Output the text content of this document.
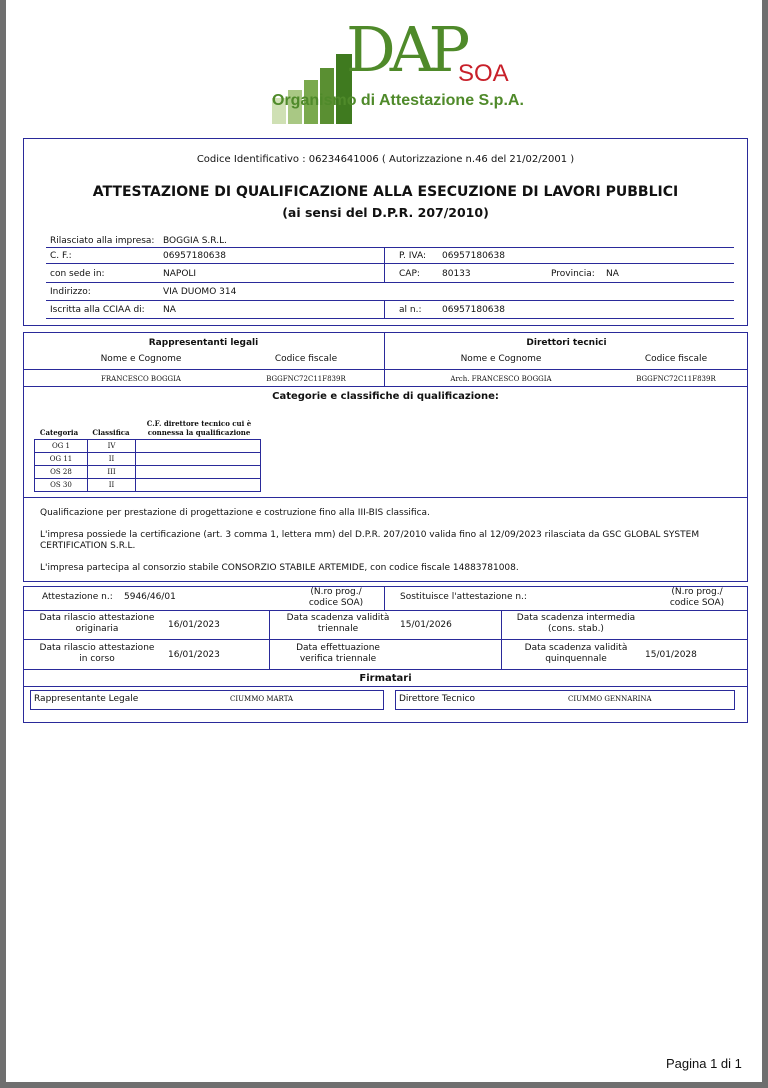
DAP
SOA
Organismo di Attestazione S.p.A.
Codice Identificativo : 06234641006 ( Autorizzazione n.46 del 21/02/2001 )
ATTESTAZIONE DI QUALIFICAZIONE ALLA ESECUZIONE DI LAVORI PUBBLICI
(ai sensi del D.P.R. 207/2010)
Rilasciato alla impresa: BOGGIA S.R.L.
C. F.:	06957180638	P. IVA: 06957180638
con sede in:	NAPOLI	CAP: 80133	Provincia: NA
Indirizzo:	VIA DUOMO 314
Iscritta alla CCIAA di: NA	al n.: 06957180638
Rappresentanti legali	Direttori tecnici
Nome e Cognome	Codice fiscale	Nome e Cognome	Codice fiscale
FRANCESCO BOGGIA	BGGFNC72C11F839R	Arch. FRANCESCO BOGGIA	BGGFNC72C11F839R
Categorie e classifiche di qualificazione:
Categoria	Classifica
C.F. direttore tecnico cui è
connessa la qualificazione
OG 1	IV	
OG 11	II	
OS 28	III	
OS 30	II	
Qualificazione per prestazione di progettazione e costruzione fino alla III-BIS classifica.
L'impresa possiede la certificazione (art. 3 comma 1, lettera mm) del D.P.R. 207/2010 valida fino al 12/09/2023 rilasciata da GSC GLOBAL SYSTEM
CERTIFICATION S.R.L.
L'impresa partecipa al consorzio stabile CONSORZIO STABILE ARTEMIDE, con codice fiscale 14883781008.
Attestazione n.: 5946/46/01	(N.ro prog./
codice SOA)
Sostituisce l'attestazione n.:	(N.ro prog./
codice SOA)
Data rilascio attestazione
originaria	16/01/2023
Data scadenza validità
triennale	15/01/2026
Data scadenza intermedia
(cons. stab.)
Data rilascio attestazione
in corso	16/01/2023
Data effettuazione
verifica triennale
Data scadenza validità
quinquennale	15/01/2028
Firmatari
Rappresentante Legale	CIUMMO MARTA	Direttore Tecnico	CIUMMO GENNARINA
Pagina 1 di 1
